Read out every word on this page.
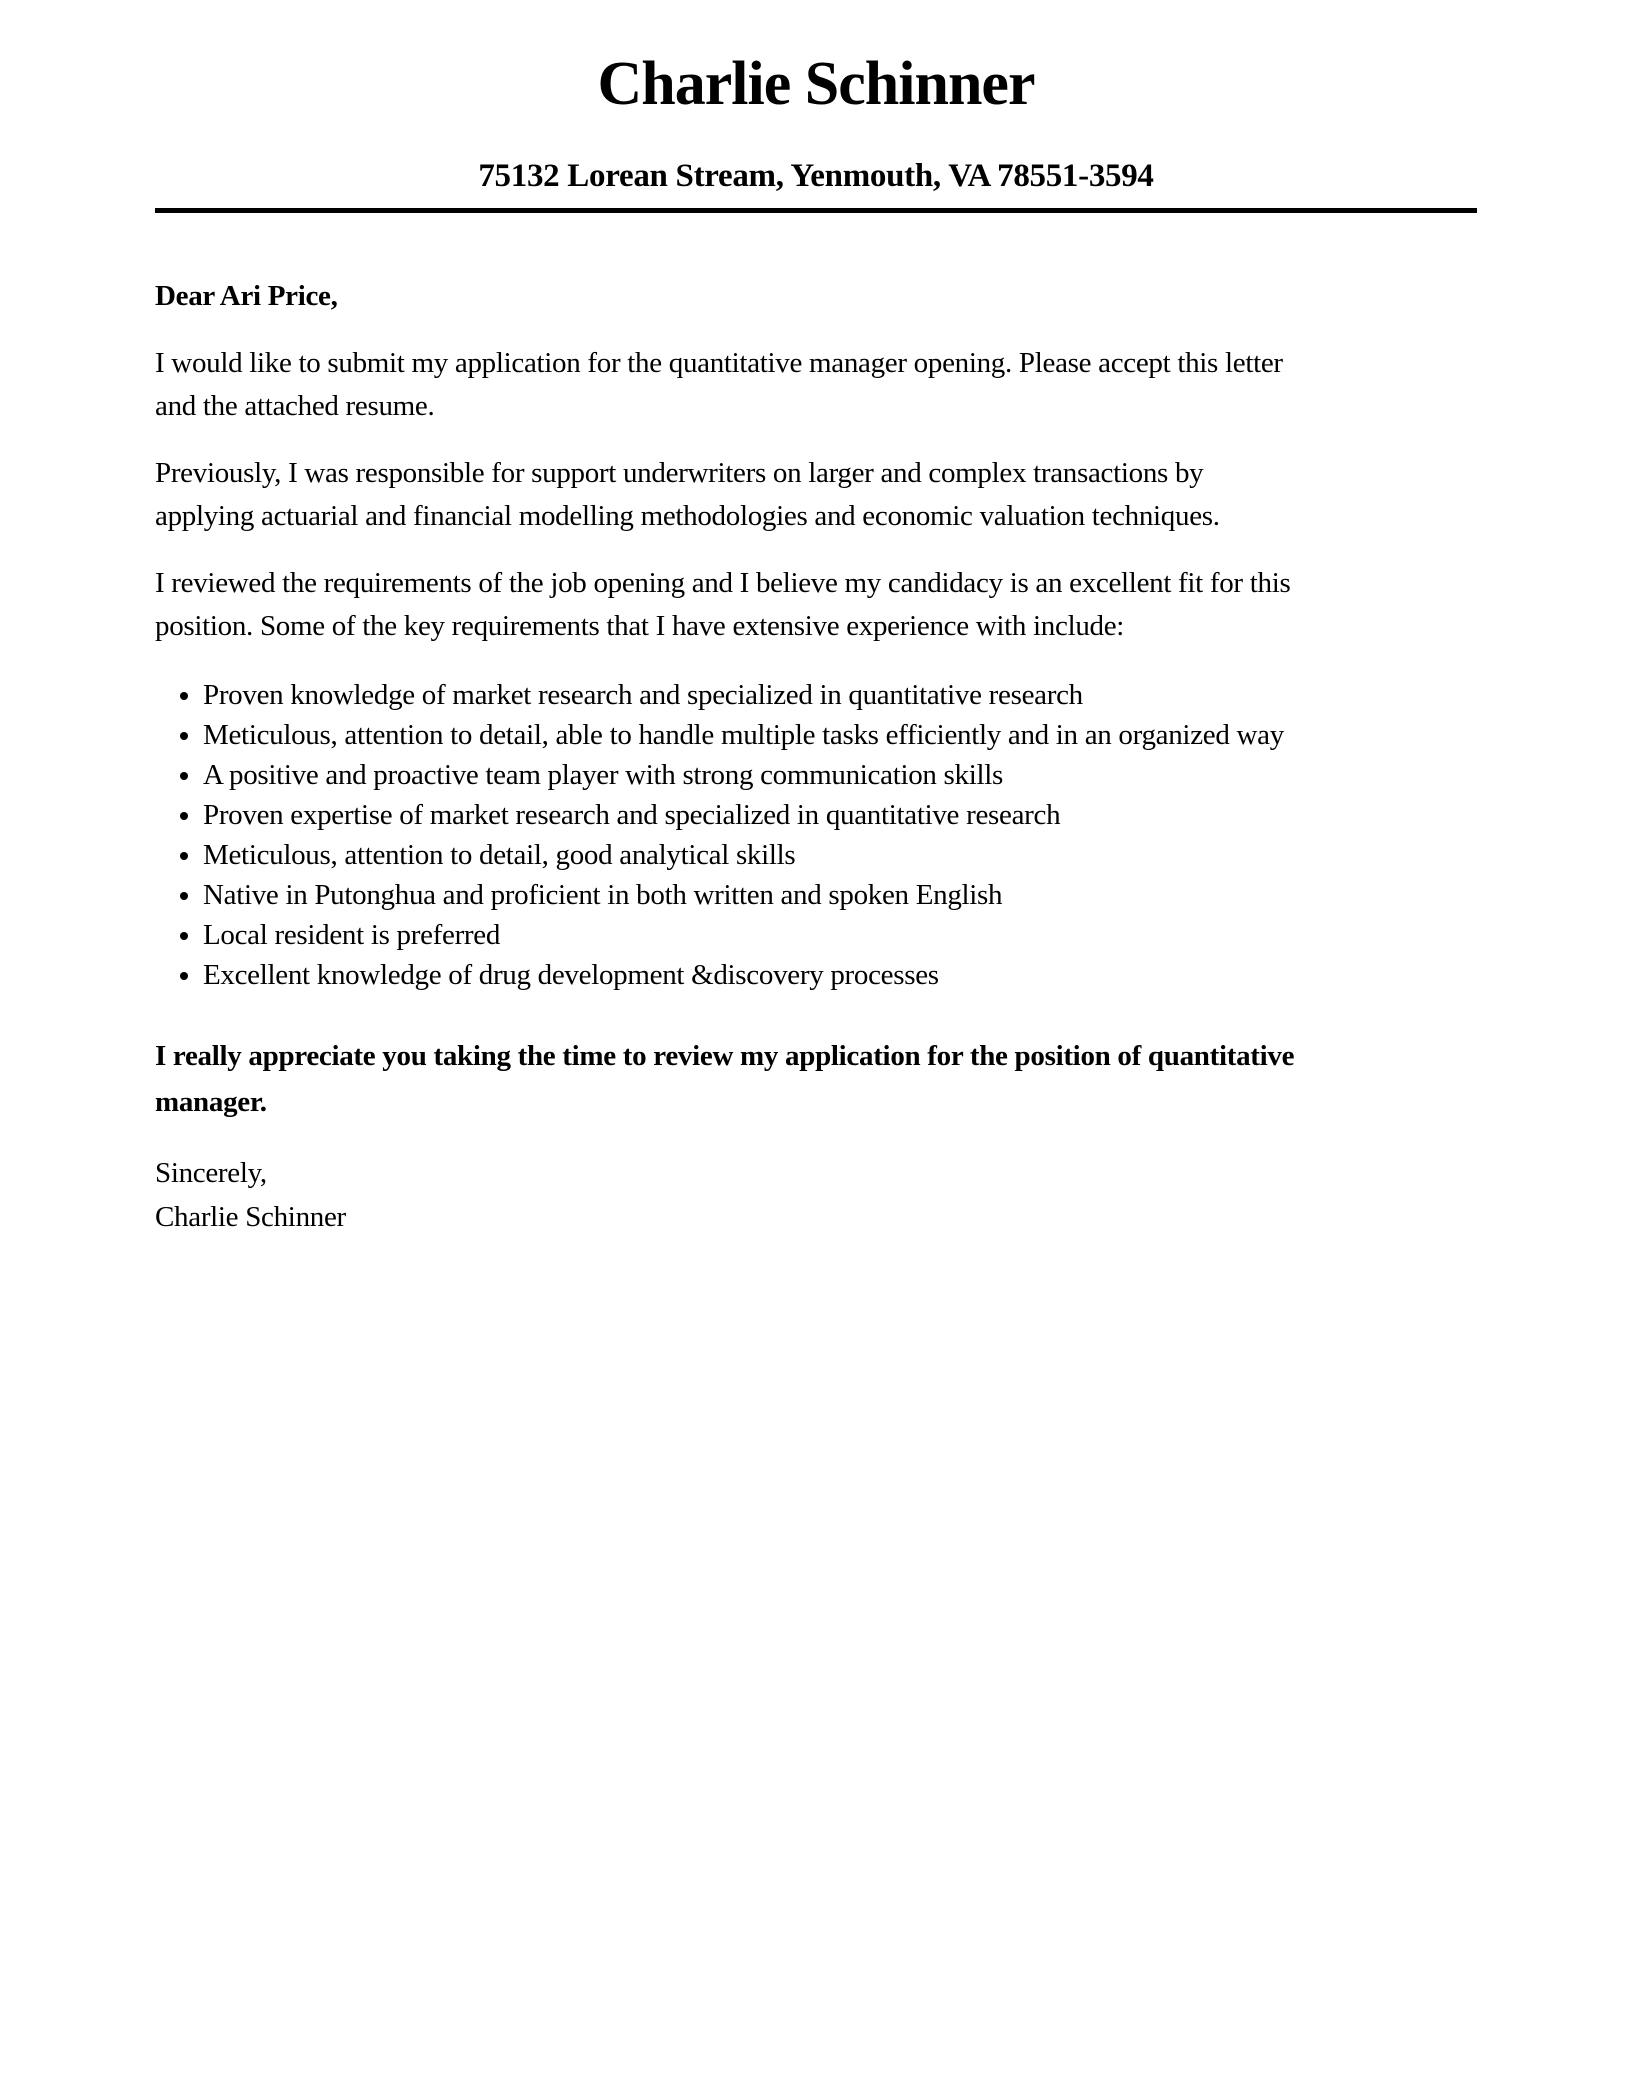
Charlie Schinner
75132 Lorean Stream, Yenmouth, VA 78551-3594
Dear Ari Price,
I would like to submit my application for the quantitative manager opening. Please accept this letter
and the attached resume.
Previously, I was responsible for support underwriters on larger and complex transactions by
applying actuarial and financial modelling methodologies and economic valuation techniques.
I reviewed the requirements of the job opening and I believe my candidacy is an excellent fit for this
position. Some of the key requirements that I have extensive experience with include:
• Proven knowledge of market research and specialized in quantitative research
• Meticulous, attention to detail, able to handle multiple tasks efficiently and in an organized way
• A positive and proactive team player with strong communication skills
• Proven expertise of market research and specialized in quantitative research
• Meticulous, attention to detail, good analytical skills
• Native in Putonghua and proficient in both written and spoken English
• Local resident is preferred
• Excellent knowledge of drug development &discovery processes
I really appreciate you taking the time to review my application for the position of quantitative
manager.
Sincerely,
Charlie Schinner
